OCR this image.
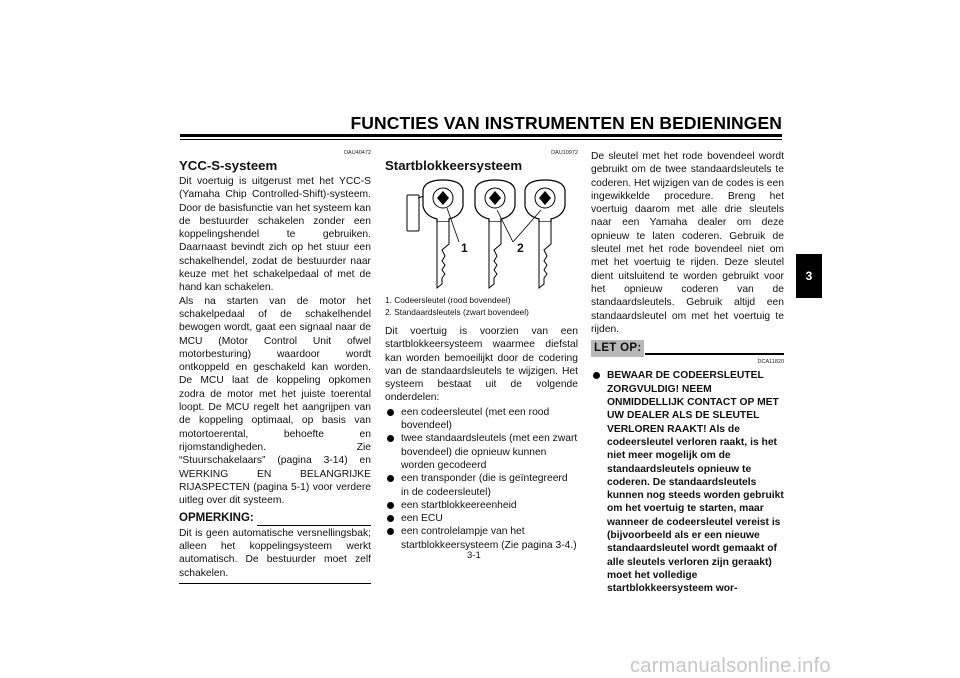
FUNCTIES VAN INSTRUMENTEN EN BEDIENINGEN
3
DAU40472
YCC-S-systeem
Dit voertuig is uitgerust met het YCC-S (Yamaha Chip Controlled-Shift)-systeem. Door de basisfunctie van het systeem kan de bestuurder schakelen zonder een koppelingshendel te gebruiken. Daarnaast bevindt zich op het stuur een schakelhendel, zodat de bestuurder naar keuze met het schakelpedaal of met de hand kan schakelen.
Als na starten van de motor het schakelpedaal of de schakelhendel bewogen wordt, gaat een signaal naar de MCU (Motor Control Unit ofwel motorbesturing) waardoor wordt ontkoppeld en geschakeld kan worden. De MCU laat de koppeling opkomen zodra de motor met het juiste toerental loopt. De MCU regelt het aangrijpen van de koppeling optimaal, op basis van motortoerental, behoefte en rijomstandigheden. Zie “Stuurschakelaars” (pagina 3-14) en WERKING EN BELANGRIJKE RIJASPECTEN (pagina 5-1) voor verdere uitleg over dit systeem.
OPMERKING:
Dit is geen automatische versnellingsbak; alleen het koppelingsysteem werkt automatisch. De bestuurder moet zelf schakelen.
DAU10972
Startblokkeersysteem
1	2
1. Codeersleutel (rood bovendeel)
2. Standaardsleutels (zwart bovendeel)
Dit voertuig is voorzien van een startblokkeersysteem waarmee diefstal kan worden bemoeilijkt door de codering van de standaardsleutels te wijzigen. Het systeem bestaat uit de volgende onderdelen:
een codeersleutel (met een rood bovendeel)
twee standaardsleutels (met een zwart bovendeel) die opnieuw kunnen worden gecodeerd
een transponder (die is geïntegreerd in de codeersleutel)
een startblokkeereenheid
een ECU
een controlelampje van het startblokkeersysteem (Zie pagina 3-4.)
De sleutel met het rode bovendeel wordt gebruikt om de twee standaardsleutels te coderen. Het wijzigen van de codes is een ingewikkelde procedure. Breng het voertuig daarom met alle drie sleutels naar een Yamaha dealer om deze opnieuw te laten coderen. Gebruik de sleutel met het rode bovendeel niet om met het voertuig te rijden. Deze sleutel dient uitsluitend te worden gebruikt voor het opnieuw coderen van de standaardsleutels. Gebruik altijd een standaardsleutel om met het voertuig te rijden.
LET OP:
DCA11820
BEWAAR DE CODEERSLEUTEL ZORGVULDIG! NEEM ONMIDDELLIJK CONTACT OP MET UW DEALER ALS DE SLEUTEL VERLOREN RAAKT! Als de codeersleutel verloren raakt, is het niet meer mogelijk om de standaardsleutels opnieuw te coderen. De standaardsleutels kunnen nog steeds worden gebruikt om het voertuig te starten, maar wanneer de codeersleutel vereist is (bijvoorbeeld als er een nieuwe standaardsleutel wordt gemaakt of alle sleutels verloren zijn geraakt) moet het volledige startblokkeersysteem wor-
3-1
carmanualsonline.info
